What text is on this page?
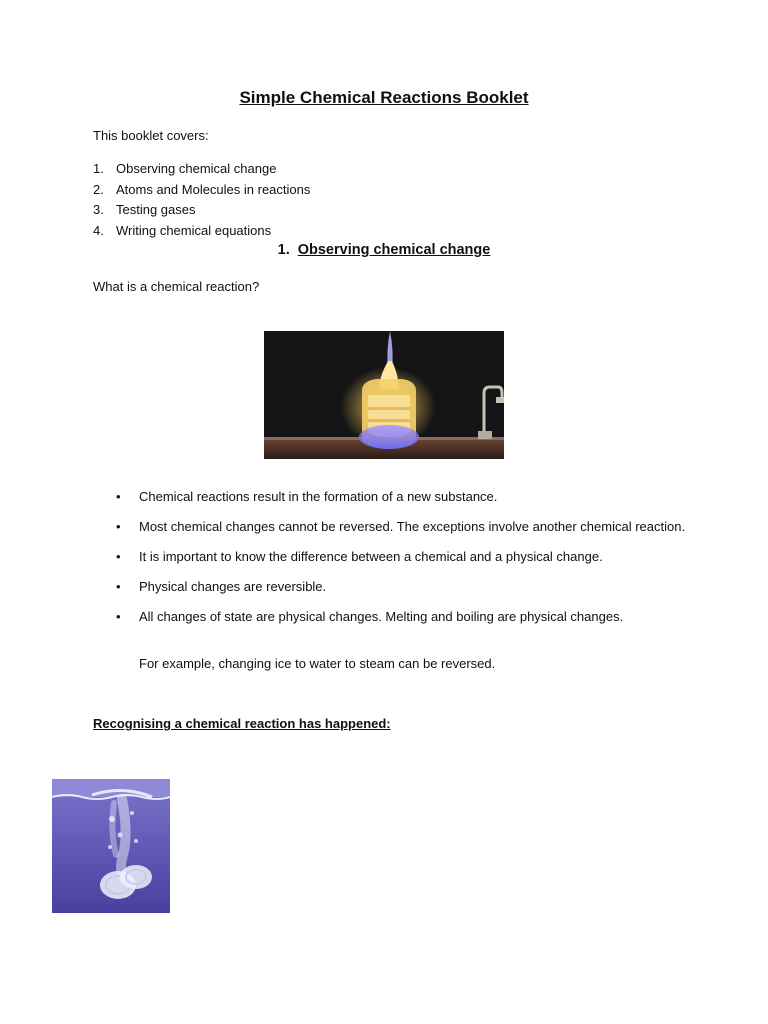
Simple Chemical Reactions Booklet

This booklet covers:

1. Observing chemical change
2. Atoms and Molecules in reactions
3. Testing gases
4. Writing chemical equations
1. Observing chemical change

What is a chemical reaction?

• Chemical reactions result in the formation of a new substance.
• Most chemical changes cannot be reversed. The exceptions involve another chemical reaction.
• It is important to know the difference between a chemical and a physical change.
• Physical changes are reversible.
• All changes of state are physical changes. Melting and boiling are physical changes.

For example, changing ice to water to steam can be reversed.

Recognising a chemical reaction has happened:
